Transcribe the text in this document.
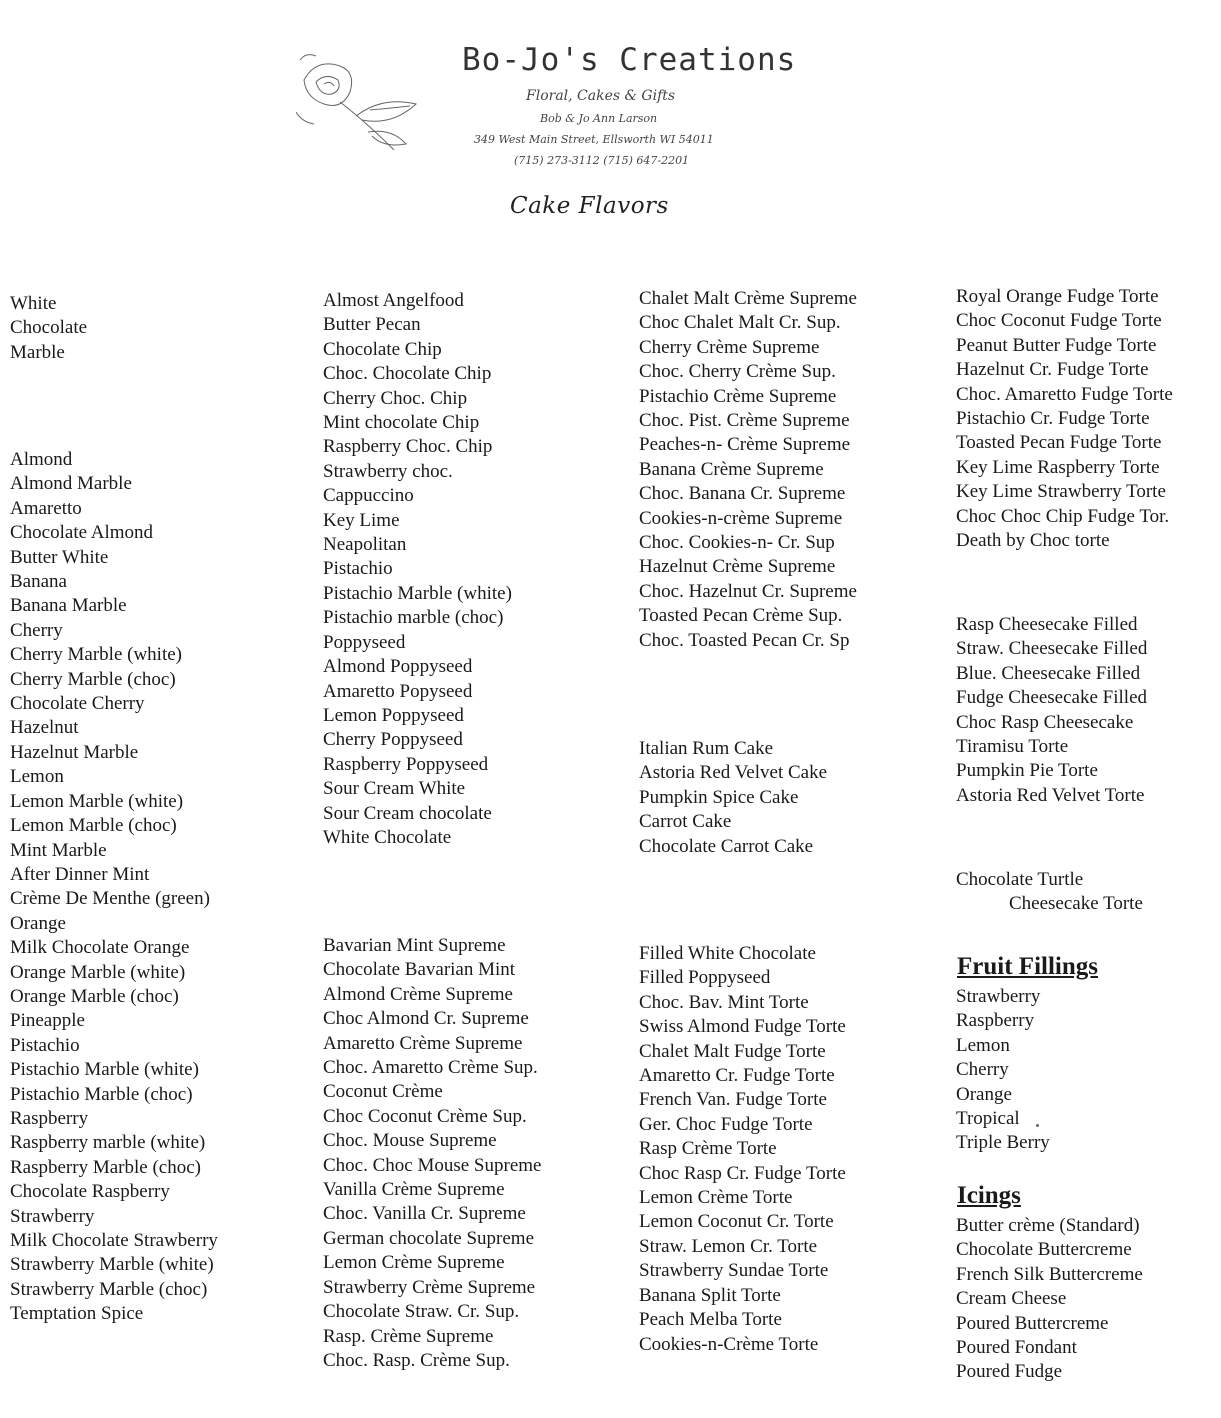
Bo-Jo's Creations
Floral, Cakes & Gifts
Bob & Jo Ann Larson
349 West Main Street, Ellsworth WI 54011
(715) 273-3112 (715) 647-2201
Cake Flavors
White
Chocolate
Marble
Almond
Almond Marble
Amaretto
Chocolate Almond
Butter White
Banana
Banana Marble
Cherry
Cherry Marble (white)
Cherry Marble (choc)
Chocolate Cherry
Hazelnut
Hazelnut Marble
Lemon
Lemon Marble (white)
Lemon Marble (choc)
Mint Marble
After Dinner Mint
Crème De Menthe (green)
Orange
Milk Chocolate Orange
Orange Marble (white)
Orange Marble (choc)
Pineapple
Pistachio
Pistachio Marble (white)
Pistachio Marble (choc)
Raspberry
Raspberry marble (white)
Raspberry Marble (choc)
Chocolate Raspberry
Strawberry
Milk Chocolate Strawberry
Strawberry Marble (white)
Strawberry Marble (choc)
Temptation Spice
Almost Angelfood
Butter Pecan
Chocolate Chip
Choc. Chocolate Chip
Cherry Choc. Chip
Mint chocolate Chip
Raspberry Choc. Chip
Strawberry choc.
Cappuccino
Key Lime
Neapolitan
Pistachio
Pistachio Marble (white)
Pistachio marble (choc)
Poppyseed
Almond Poppyseed
Amaretto Popyseed
Lemon Poppyseed
Cherry Poppyseed
Raspberry Poppyseed
Sour Cream White
Sour Cream chocolate
White Chocolate
Bavarian Mint Supreme
Chocolate Bavarian Mint
Almond Crème Supreme
Choc Almond Cr. Supreme
Amaretto Crème Supreme
Choc. Amaretto Crème Sup.
Coconut Crème
Choc Coconut Crème Sup.
Choc. Mouse Supreme
Choc. Choc Mouse Supreme
Vanilla Crème Supreme
Choc. Vanilla Cr. Supreme
German chocolate Supreme
Lemon Crème Supreme
Strawberry Crème Supreme
Chocolate Straw. Cr. Sup.
Rasp. Crème Supreme
Choc. Rasp. Crème Sup.
Chalet Malt Crème Supreme
Choc Chalet Malt Cr. Sup.
Cherry Crème Supreme
Choc. Cherry Crème Sup.
Pistachio Crème Supreme
Choc. Pist. Crème Supreme
Peaches-n- Crème Supreme
Banana Crème Supreme
Choc. Banana Cr. Supreme
Cookies-n-crème Supreme
Choc. Cookies-n- Cr. Sup
Hazelnut Crème Supreme
Choc. Hazelnut Cr. Supreme
Toasted Pecan Crème Sup.
Choc. Toasted Pecan Cr. Sp
Italian Rum Cake
Astoria Red Velvet Cake
Pumpkin Spice Cake
Carrot Cake
Chocolate Carrot Cake
Filled White Chocolate
Filled Poppyseed
Choc. Bav. Mint Torte
Swiss Almond Fudge Torte
Chalet Malt Fudge Torte
Amaretto Cr. Fudge Torte
French Van. Fudge Torte
Ger. Choc Fudge Torte
Rasp Crème Torte
Choc Rasp Cr. Fudge Torte
Lemon Crème Torte
Lemon Coconut Cr. Torte
Straw. Lemon Cr. Torte
Strawberry Sundae Torte
Banana Split Torte
Peach Melba Torte
Cookies-n-Crème Torte
Royal Orange Fudge Torte
Choc Coconut Fudge Torte
Peanut Butter Fudge Torte
Hazelnut Cr. Fudge Torte
Choc. Amaretto Fudge Torte
Pistachio Cr. Fudge Torte
Toasted Pecan Fudge Torte
Key Lime Raspberry Torte
Key Lime Strawberry Torte
Choc Choc Chip Fudge Tor.
Death by Choc torte
Rasp Cheesecake Filled
Straw. Cheesecake Filled
Blue. Cheesecake Filled
Fudge Cheesecake Filled
Choc Rasp Cheesecake
Tiramisu Torte
Pumpkin Pie Torte
Astoria Red Velvet Torte
Chocolate Turtle
Cheesecake Torte
Fruit Fillings
Strawberry
Raspberry
Lemon
Cherry
Orange
Tropical
Triple Berry
Icings
Butter crème (Standard)
Chocolate Buttercreme
French Silk Buttercreme
Cream Cheese
Poured Buttercreme
Poured Fondant
Poured Fudge
